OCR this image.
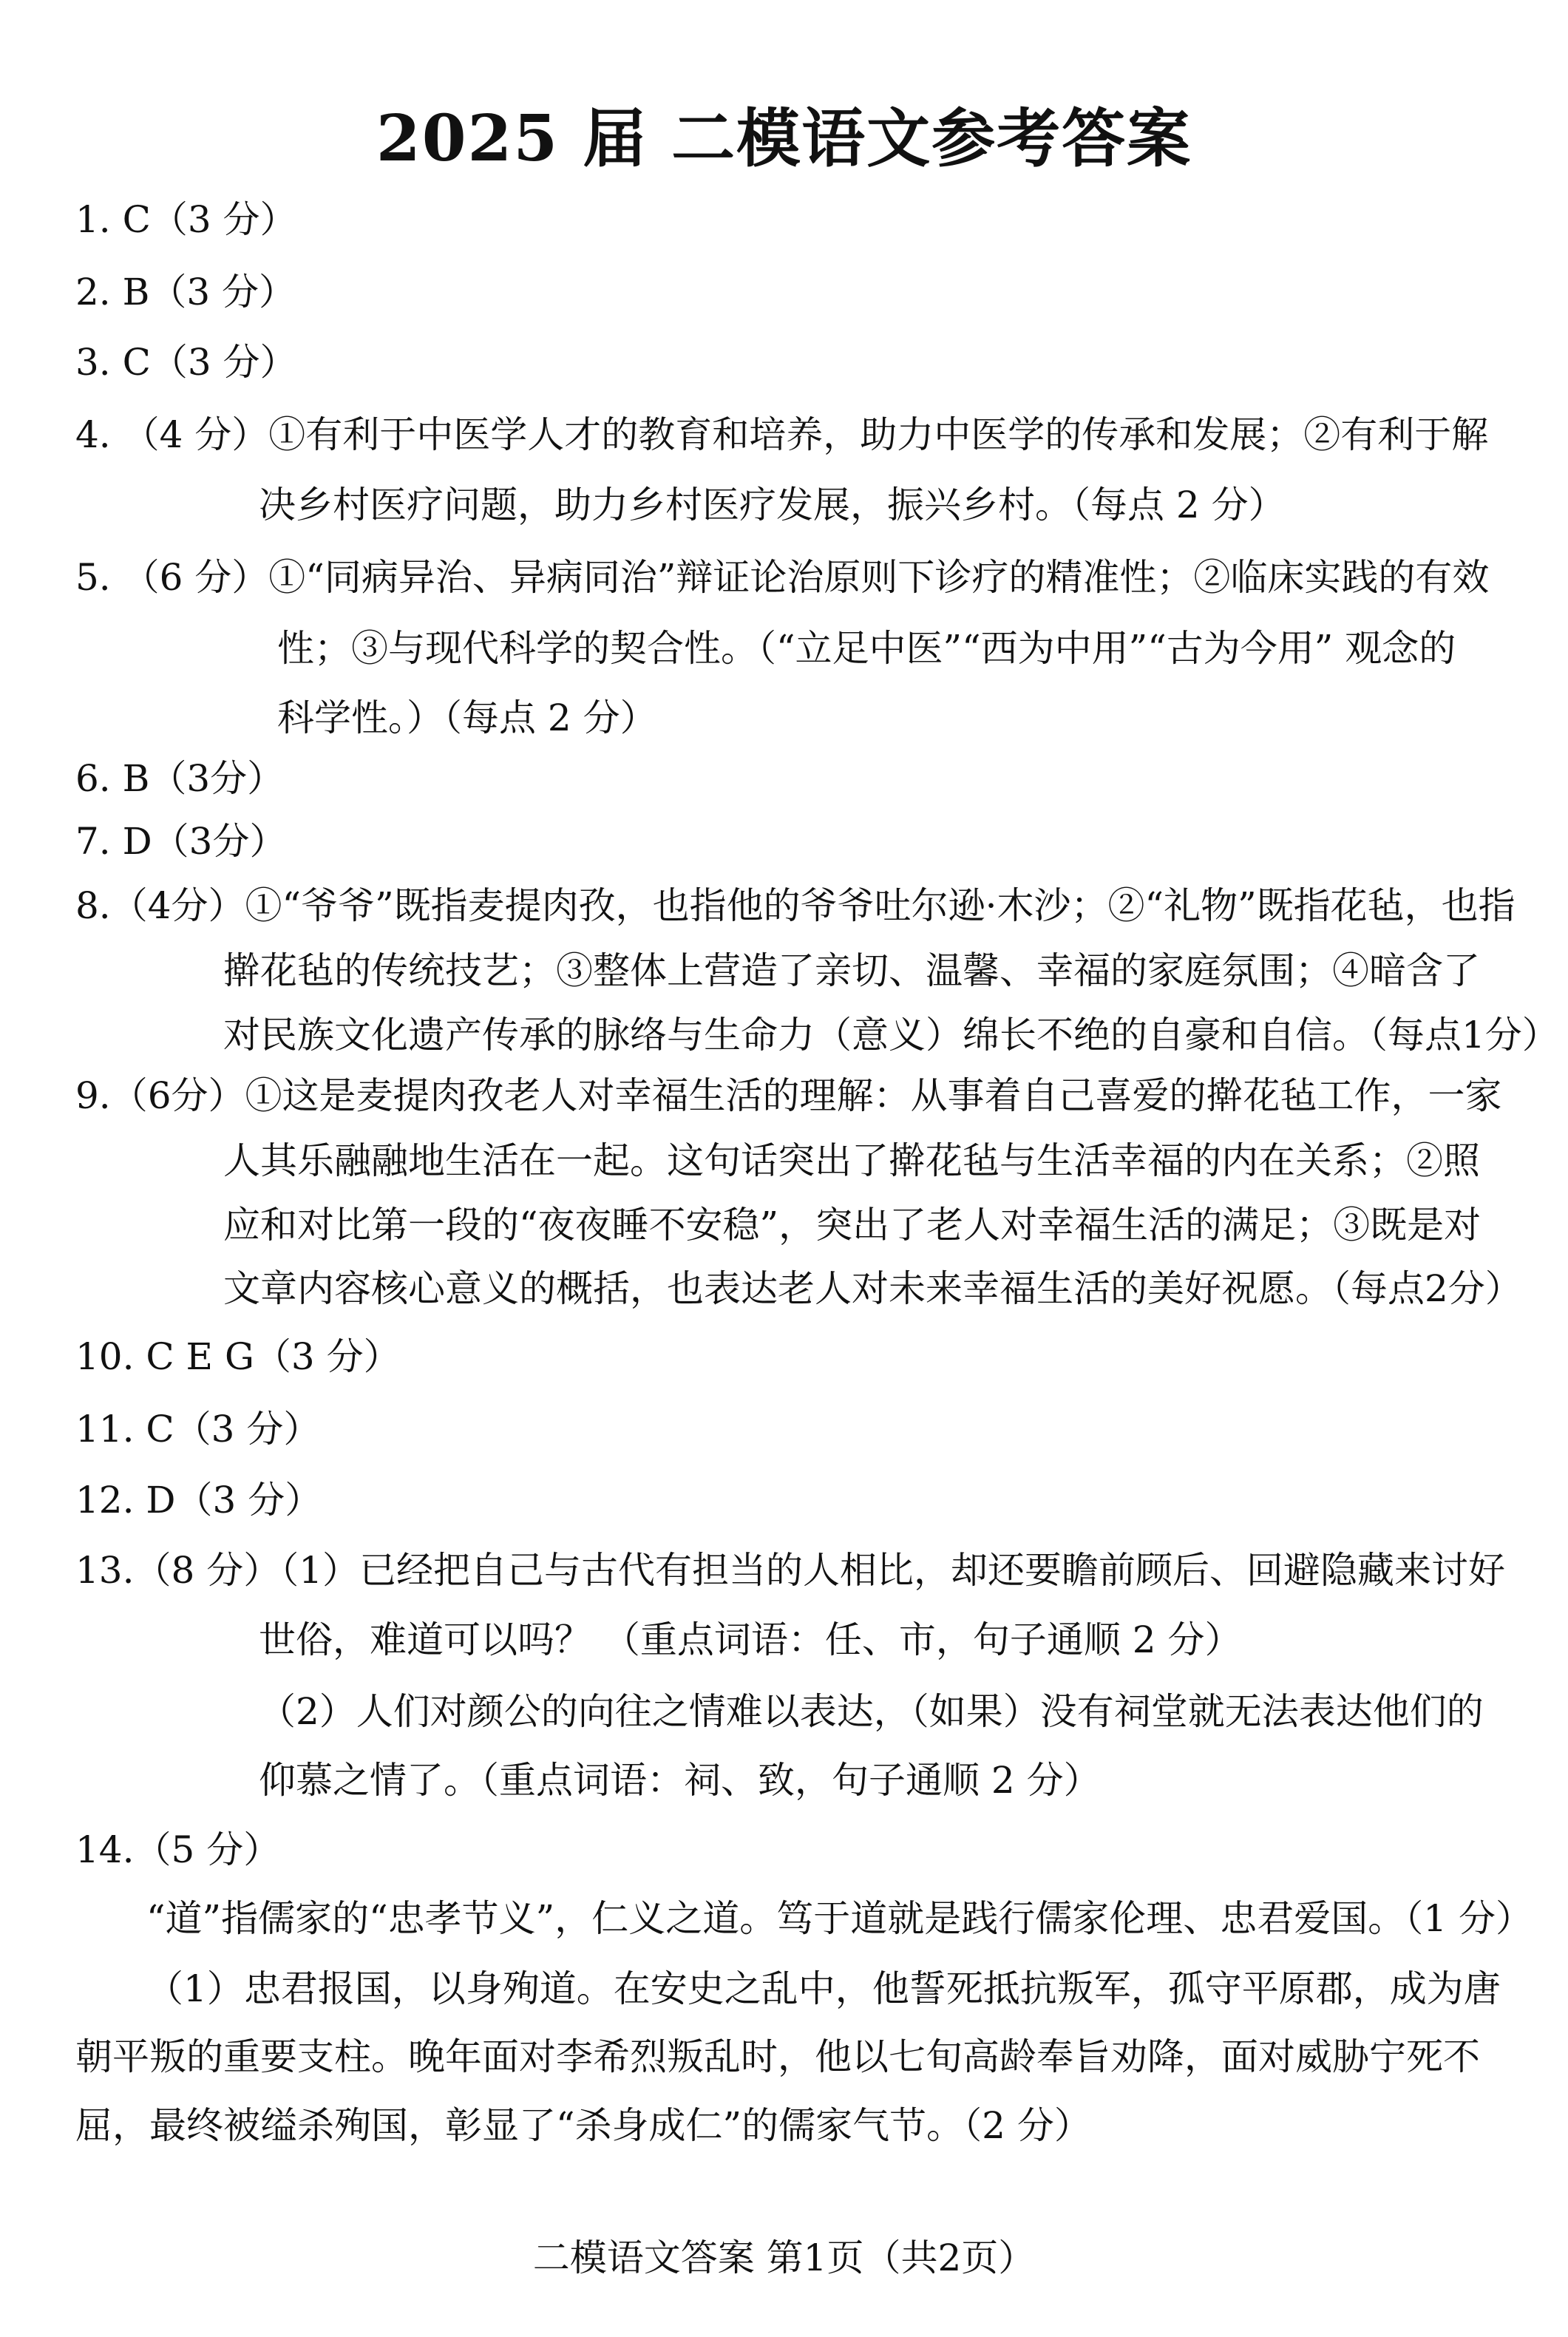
2025 届 二模语文参考答案
1. C（3 分）
2. B（3 分）
3. C（3 分）
4. （4 分）①有利于中医学人才的教育和培养，助力中医学的传承和发展；②有利于解
决乡村医疗问题，助力乡村医疗发展，振兴乡村。（每点 2 分）
5. （6 分）①“同病异治、异病同治”辩证论治原则下诊疗的精准性；②临床实践的有效
性；③与现代科学的契合性。（“立足中医”“西为中用”“古为今用” 观念的
科学性。）（每点 2 分）
6. B（3分）
7. D（3分）
8.（4分）①“爷爷”既指麦提肉孜，也指他的爷爷吐尔逊·木沙；②“礼物”既指花毡，也指
擀花毡的传统技艺；③整体上营造了亲切、温馨、幸福的家庭氛围；④暗含了
对民族文化遗产传承的脉络与生命力（意义）绵长不绝的自豪和自信。（每点1分）
9.（6分）①这是麦提肉孜老人对幸福生活的理解：从事着自己喜爱的擀花毡工作，一家
人其乐融融地生活在一起。这句话突出了擀花毡与生活幸福的内在关系；②照
应和对比第一段的“夜夜睡不安稳”，突出了老人对幸福生活的满足；③既是对
文章内容核心意义的概括，也表达老人对未来幸福生活的美好祝愿。（每点2分）
10. C E G（3 分）
11. C（3 分）
12. D（3 分）
13.（8 分）（1）已经把自己与古代有担当的人相比，却还要瞻前顾后、回避隐藏来讨好
世俗，难道可以吗？ （重点词语：任、市，句子通顺 2 分）
（2）人们对颜公的向往之情难以表达，（如果）没有祠堂就无法表达他们的
仰慕之情了。（重点词语：祠、致，句子通顺 2 分）
14.（5 分）
“道”指儒家的“忠孝节义”，仁义之道。笃于道就是践行儒家伦理、忠君爱国。（1 分）
（1）忠君报国，以身殉道。在安史之乱中，他誓死抵抗叛军，孤守平原郡，成为唐
朝平叛的重要支柱。晚年面对李希烈叛乱时，他以七旬高龄奉旨劝降，面对威胁宁死不
屈，最终被缢杀殉国，彰显了“杀身成仁”的儒家气节。（2 分）
二模语文答案 第1页（共2页）
